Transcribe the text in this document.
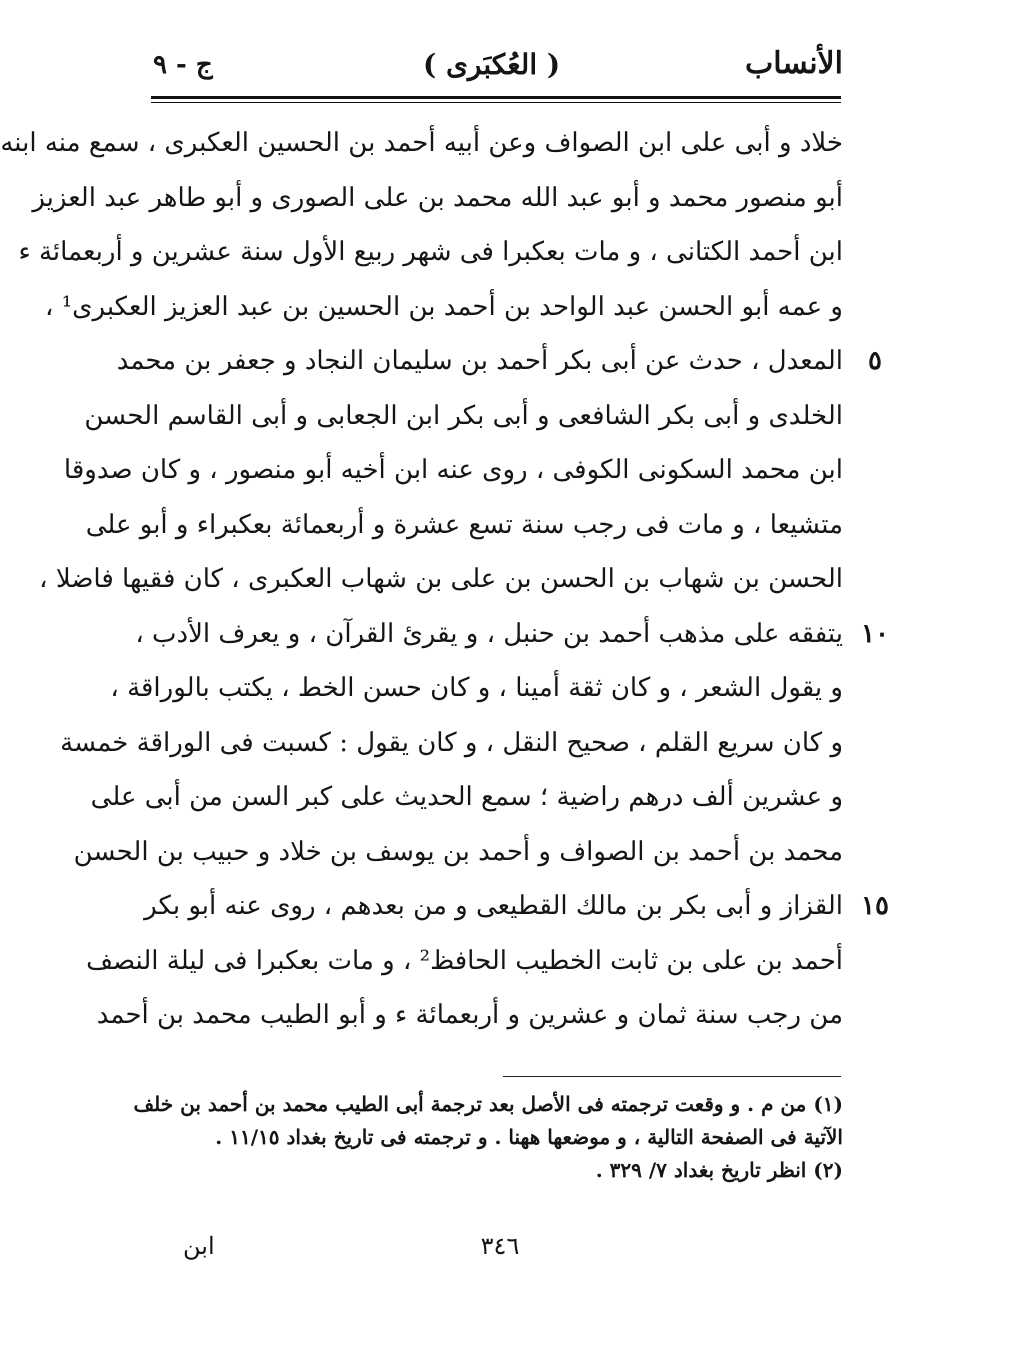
ج - ٩	( العُكبَرى )	الأنساب
خلاد و أبى على ابن الصواف وعن أبيه أحمد بن الحسين العكبرى ، سمع منه ابنه
أبو منصور محمد و أبو عبد الله محمد بن على الصورى و أبو طاهر عبد العزيز
ابن أحمد الكتانى ، و مات بعكبرا فى شهر ربيع الأول سنة عشرين و أربعمائة ء
و عمه أبو الحسن عبد الواحد بن أحمد بن الحسين بن عبد العزيز العكبرى¹ ،
المعدل ، حدث عن أبى بكر أحمد بن سليمان النجاد و جعفر بن محمد
الخلدى و أبى بكر الشافعى و أبى بكر ابن الجعابى و أبى القاسم الحسن
ابن محمد السكونى الكوفى ، روى عنه ابن أخيه أبو منصور ، و كان صدوقا
متشيعا ، و مات فى رجب سنة تسع عشرة و أربعمائة بعكبراء و أبو على
الحسن بن شهاب بن الحسن بن على بن شهاب العكبرى ، كان فقيها فاضلا ،
يتفقه على مذهب أحمد بن حنبل ، و يقرئ القرآن ، و يعرف الأدب ،
و يقول الشعر ، و كان ثقة أمينا ، و كان حسن الخط ، يكتب بالوراقة ،
و كان سريع القلم ، صحيح النقل ، و كان يقول : كسبت فى الوراقة خمسة
و عشرين ألف درهم راضية ؛ سمع الحديث على كبر السن من أبى على
محمد بن أحمد بن الصواف و أحمد بن يوسف بن خلاد و حبيب بن الحسن
القزاز و أبى بكر بن مالك القطيعى و من بعدهم ، روى عنه أبو بكر
أحمد بن على بن ثابت الخطيب الحافظ² ، و مات بعكبرا فى ليلة النصف
من رجب سنة ثمان و عشرين و أربعمائة ء و أبو الطيب محمد بن أحمد
٥
١٠
١٥
(١) من م . و وقعت ترجمته فى الأصل بعد ترجمة أبى الطيب محمد بن أحمد بن خلف
الآتية فى الصفحة التالية ، و موضعها ههنا . و ترجمته فى تاريخ بغداد ١١/١٥ .
(٢) انظر تاريخ بغداد ٧/ ٣٢٩ .
٣٤٦
ابن
